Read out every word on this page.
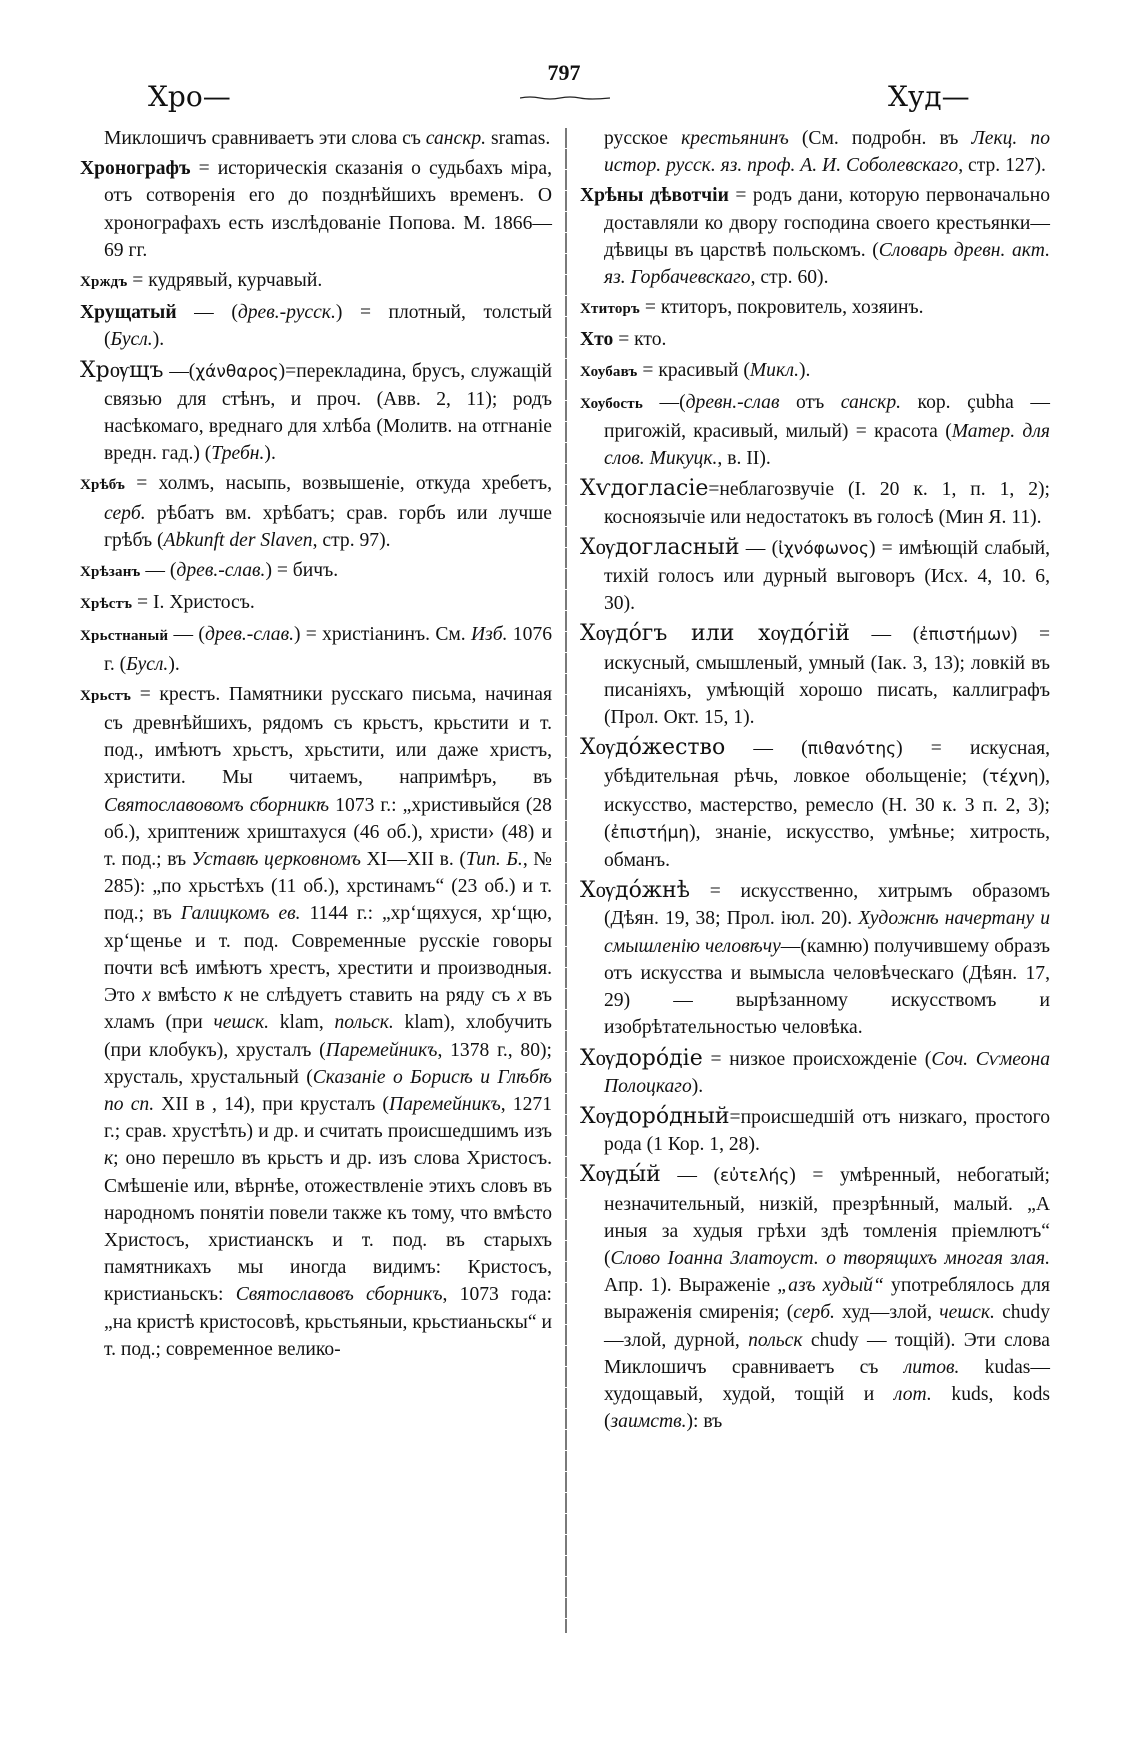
797
Хро—	Худ—

Миклошичъ сравниваетъ эти слова съ санскр. sramas.

Хронографъ = историческія сказанія о судьбахъ міра, отъ сотворенія его до позднѣйшихъ временъ. О хронографахъ есть изслѣдованіе Попова. М. 1866—69 гг.

Хрждъ = кудрявый, курчавый.

Хрущатый — (древ.-русск.) = плотный, толстый (Бусл.).

Хрѹщъ —(χάνθαρος)=перекладина, брусъ, служащій связью для стѣнъ, и проч. (Авв. 2, 11); родъ насѣкомаго, вреднаго для хлѣба (Молитв. на отгнаніе вредн. гад.) (Требн.).

Хрѣбъ = холмъ, насыпь, возвышеніе, откуда хребетъ, серб. рѣбатъ вм. хрѣбатъ; срав. горбъ или лучше грѣбъ (Abkunft der Slaven, стр. 97).

Хрѣзанъ — (древ.-слав.) = бичъ.

Хрѣстъ = I. Христосъ.

Хрьстнаный — (древ.-слав.) = христіанинъ. См. Изб. 1076 г. (Бусл.).

Хрьстъ = крестъ. Памятники русскаго письма, начиная съ древнѣйшихъ, рядомъ съ крьстъ, крьстити и т. под., имѣютъ хрьстъ, хрьстити, или даже христъ, христити. Мы читаемъ, напримѣръ, въ Святославовомъ сборникѣ 1073 г.: „христивыйся (28 об.), хриптениж хриштахуся (46 об.), христи› (48) и т. под.; въ Уставѣ церковномъ XI—XII в. (Тип. Б., № 285): „по хрьстѣхъ (11 об.), хрстинамъ“ (23 об.) и т. под.; въ Галицкомъ ев. 1144 г.: „хр‘щяхуся, хр‘щю, хр‘щенье и т. под. Современные русскіе говоры почти всѣ имѣютъ хрестъ, хрестити и производныя. Это х вмѣсто к не слѣдуетъ ставить на ряду съ х въ хламъ (при чешск. klam, польск. klam), хлобучить (при клобукъ), хрусталъ (Паремейникъ, 1378 г., 80); хрусталь, хрустальный (Сказаніе о Борисѣ и Глѣбѣ по сп. XII в , 14), при крусталъ (Паремейникъ, 1271 г.; срав. хрустѣть) и др. и считать происшедшимъ изъ к; оно перешло въ крьстъ и др. изъ слова Христосъ. Смѣшеніе или, вѣрнѣе, отожествленіе этихъ словъ въ народномъ понятіи повели также къ тому, что вмѣсто Христосъ, христианскъ и т. под. въ старыхъ памятникахъ мы иногда видимъ: Кристосъ, кристианьскъ: Святославовъ сборникъ, 1073 года: „на кристѣ кристосовѣ, крьстьяныи, крьстианьскы“ и т. под.; современное велико-

русское крестьянинъ (См. подробн. въ Лекц. по истор. русск. яз. проф. А. И. Соболевскаго, стр. 127).

Хрѣны дѣвотчіи = родъ дани, которую первоначально доставляли ко двору господина своего крестьянки—дѣвицы въ царствѣ польскомъ. (Словарь древн. акт. яз. Горбачевскаго, стр. 60).

Хтиторъ = ктиторъ, покровитель, хозяинъ.

Хто = кто.

Хоубавъ = красивый (Микл.).

Хоубость —(древн.-слав отъ санскр. кор. çubha — пригожій, красивый, милый) = красота (Матер. для слов. Микуцк., в. II).

Хѵдогласіе=неблагозвучіе (I. 20 к. 1, п. 1, 2); косноязычіе или недостатокъ въ голосѣ (Мин Я. 11).

Хѹдогласный — (ἰχνόφωνος) = имѣющій слабый, тихій голосъ или дурный выговоръ (Исх. 4, 10. 6, 30).

Хѹдо́гъ или хѹдо́гій — (ἐπιστήμων) = искусный, смышленый, умный (Іак. 3, 13); ловкій въ писаніяхъ, умѣющій хорошо писать, каллиграфъ (Прол. Окт. 15, 1).

Хѹдо́жество — (πιθανότης) = искусная, убѣдительная рѣчь, ловкое обольщеніе; (τέχνη), искусство, мастерство, ремесло (Н. 30 к. 3 п. 2, 3); (ἐπιστήμη), знаніе, искусство, умѣнье; хитрость, обманъ.

Хѹдо́жнѣ = искусственно, хитрымъ образомъ (Дѣян. 19, 38; Прол. іюл. 20). Художнѣ начертану и смышленію человѣчу—(камню) получившему образъ отъ искусства и вымысла человѣческаго (Дѣян. 17, 29) — вырѣзанному искусствомъ и изобрѣтательностью человѣка.

Хѹдоро́діе = низкое происхожденіе (Соч. Сѵмеона Полоцкаго).

Хѹдоро́дный=происшедшій отъ низкаго, простого рода (1 Кор. 1, 28).

Хѹды́й — (εὐτελής) = умѣренный, небогатый; незначительный, низкій, презрѣнный, малый. „А иныя за худыя грѣхи здѣ томленія пріемлютъ“ (Слово Іоанна Златоуст. о творящихъ многая злая. Апр. 1). Выраженіе „азъ худый“ употреблялось для выраженія смиренія; (серб. худ—злой, чешск. chudy—злой, дурной, польск chudy — тощій). Эти слова Миклошичъ сравниваетъ съ литов. kudas—худощавый, худой, тощій и лот. kuds, kods (заимств.): въ
